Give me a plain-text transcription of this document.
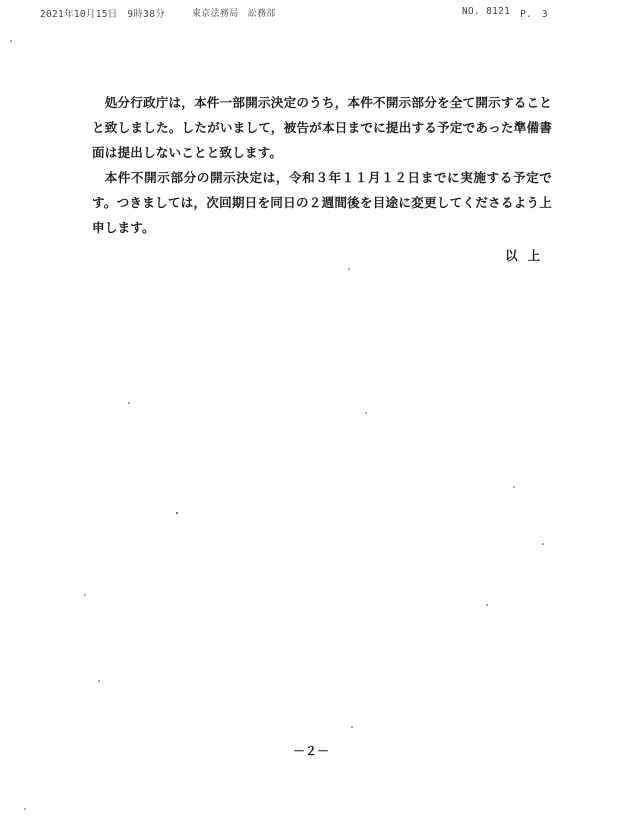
2021年10月15日　9時38分	東京法務局　訟務部	NO. 8121 P.　3

処分行政庁は，本件一部開示決定のうち，本件不開示部分を全て開示することと致しました。したがいまして，被告が本日までに提出する予定であった準備書面は提出しないことと致します。

本件不開示部分の開示決定は，令和３年１１月１２日までに実施する予定です。つきましては，次回期日を同日の２週間後を目途に変更してくださるよう上申します。

以上
－２－
